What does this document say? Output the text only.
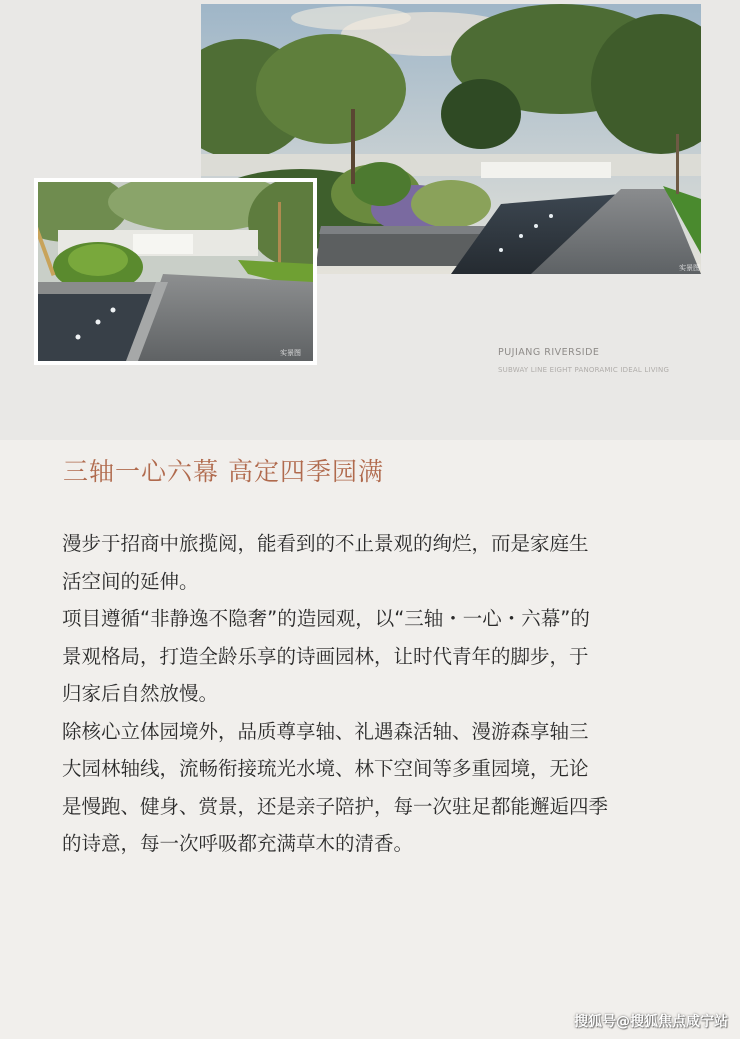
实景图
实景图	PUJIANG RIVERSIDE
SUBWAY LINE EIGHT PANORAMIC IDEAL LIVING
三轴一心六幕 高定四季园满
漫步于招商中旅揽阅，能看到的不止景观的绚烂，而是家庭生
活空间的延伸。
项目遵循“非静逸不隐奢”的造园观，以“三轴・一心・六幕”的
景观格局，打造全龄乐享的诗画园林，让时代青年的脚步，于
归家后自然放慢。
除核心立体园境外，品质尊享轴、礼遇森活轴、漫游森享轴三
大园林轴线，流畅衔接琉光水境、林下空间等多重园境，无论
是慢跑、健身、赏景，还是亲子陪护，每一次驻足都能邂逅四季
的诗意，每一次呼吸都充满草木的清香。
搜狐号@搜狐焦点咸宁站
